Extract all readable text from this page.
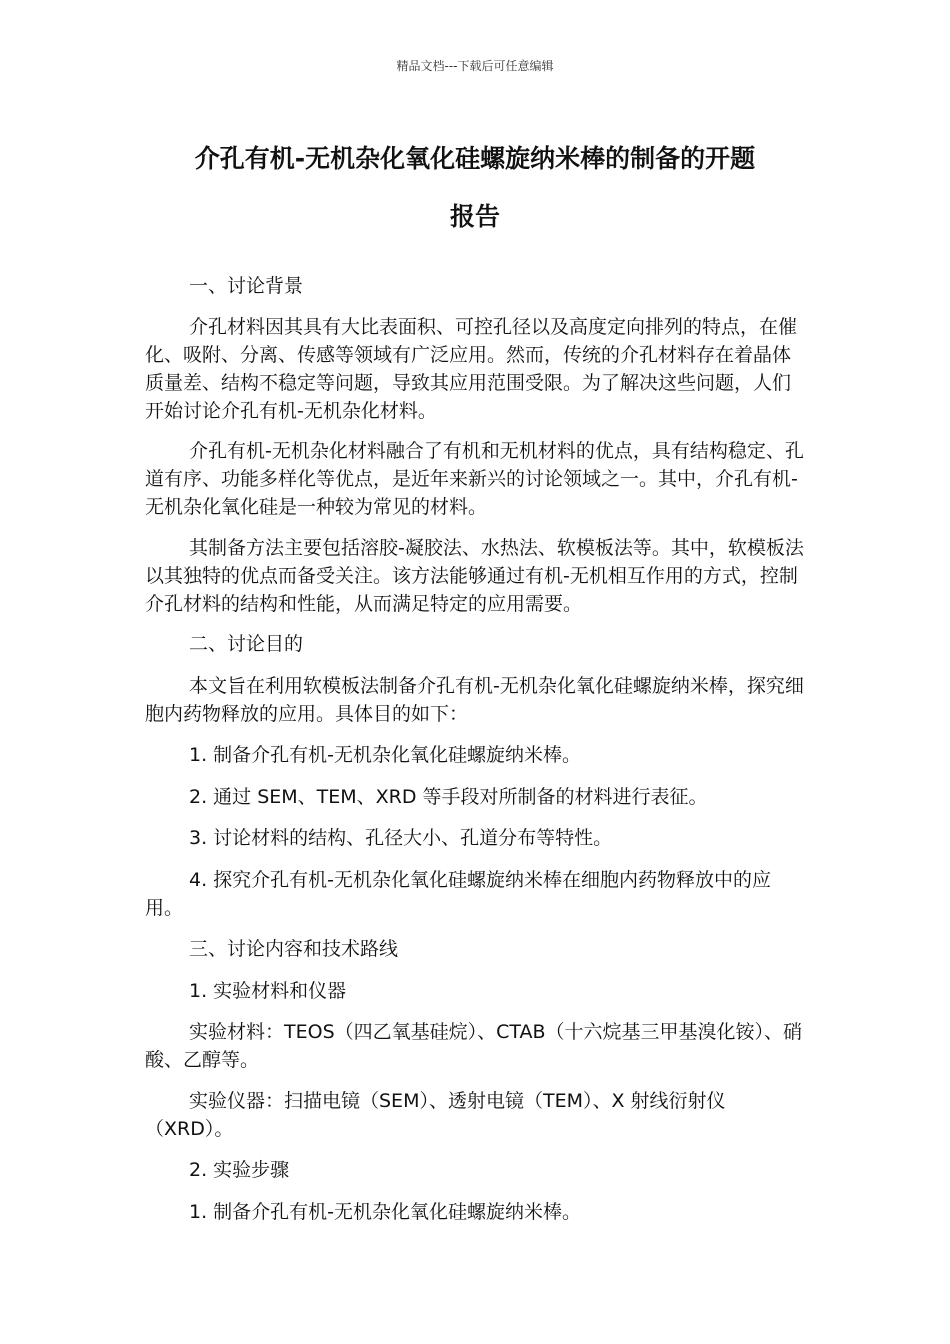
精品文档---下载后可任意编辑
介孔有机-无机杂化氧化硅螺旋纳米棒的制备的开题
报告

一、讨论背景

介孔材料因其具有大比表面积、可控孔径以及高度定向排列的特点，在催化、吸附、分离、传感等领域有广泛应用。然而，传统的介孔材料存在着晶体质量差、结构不稳定等问题，导致其应用范围受限。为了解决这些问题，人们开始讨论介孔有机-无机杂化材料。

介孔有机-无机杂化材料融合了有机和无机材料的优点，具有结构稳定、孔道有序、功能多样化等优点，是近年来新兴的讨论领域之一。其中，介孔有机-无机杂化氧化硅是一种较为常见的材料。

其制备方法主要包括溶胶-凝胶法、水热法、软模板法等。其中，软模板法以其独特的优点而备受关注。该方法能够通过有机-无机相互作用的方式，控制介孔材料的结构和性能，从而满足特定的应用需要。

二、讨论目的

本文旨在利用软模板法制备介孔有机-无机杂化氧化硅螺旋纳米棒，探究细胞内药物释放的应用。具体目的如下：

1. 制备介孔有机-无机杂化氧化硅螺旋纳米棒。

2. 通过 SEM、TEM、XRD 等手段对所制备的材料进行表征。

3. 讨论材料的结构、孔径大小、孔道分布等特性。

4. 探究介孔有机-无机杂化氧化硅螺旋纳米棒在细胞内药物释放中的应用。

三、讨论内容和技术路线

1. 实验材料和仪器

实验材料：TEOS（四乙氧基硅烷）、CTAB（十六烷基三甲基溴化铵）、硝酸、乙醇等。

实验仪器：扫描电镜（SEM）、透射电镜（TEM）、X 射线衍射仪（XRD）。

2. 实验步骤

1. 制备介孔有机-无机杂化氧化硅螺旋纳米棒。
